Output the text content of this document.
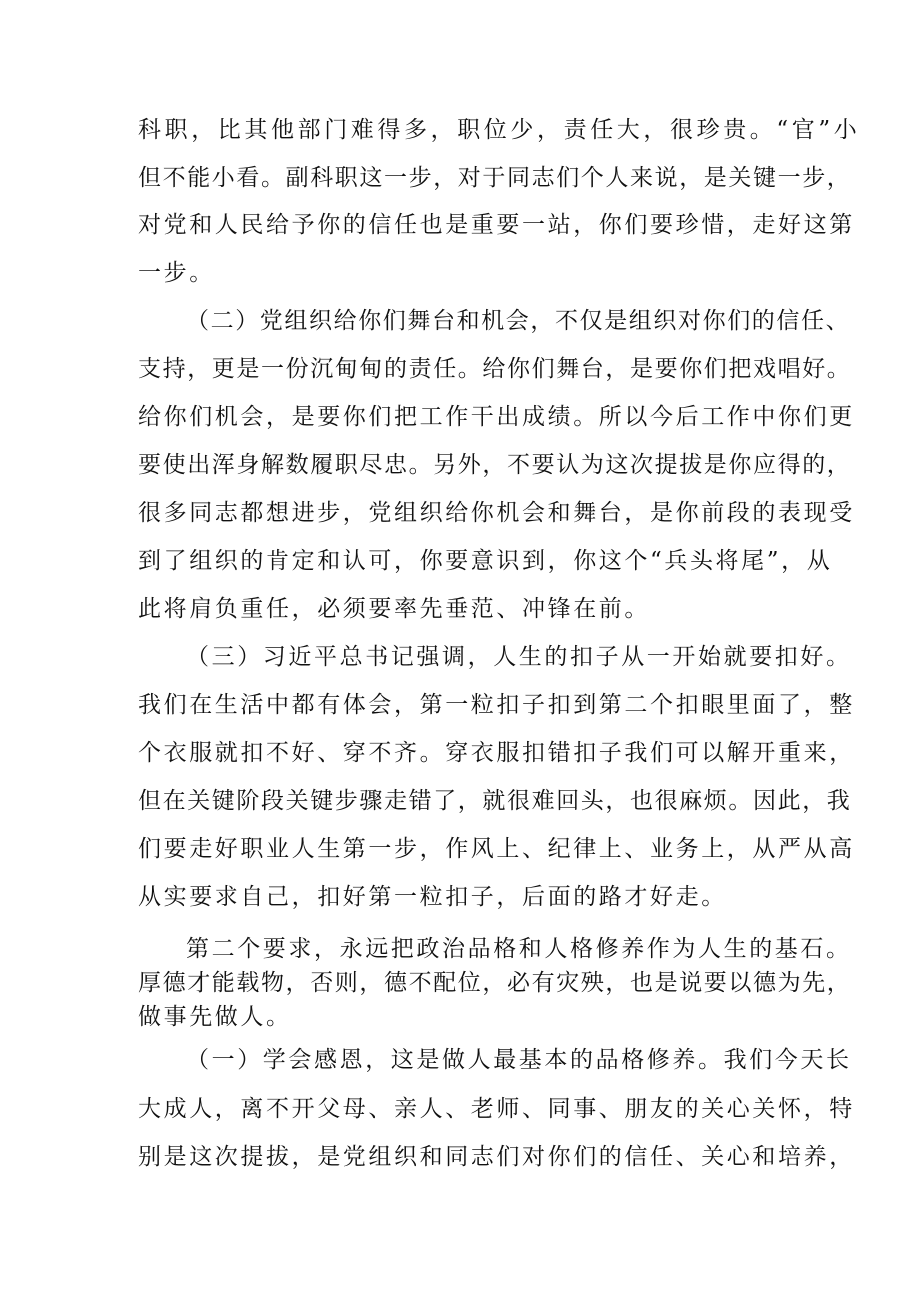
科职，比其他部门难得多，职位少，责任大，很珍贵。“官”小
但不能小看。副科职这一步，对于同志们个人来说，是关键一步，
对党和人民给予你的信任也是重要一站，你们要珍惜，走好这第
一步。
（二）党组织给你们舞台和机会，不仅是组织对你们的信任、
支持，更是一份沉甸甸的责任。给你们舞台，是要你们把戏唱好。
给你们机会，是要你们把工作干出成绩。所以今后工作中你们更
要使出浑身解数履职尽忠。另外，不要认为这次提拔是你应得的，
很多同志都想进步，党组织给你机会和舞台，是你前段的表现受
到了组织的肯定和认可，你要意识到，你这个“兵头将尾”，从
此将肩负重任，必须要率先垂范、冲锋在前。
（三）习近平总书记强调，人生的扣子从一开始就要扣好。
我们在生活中都有体会，第一粒扣子扣到第二个扣眼里面了，整
个衣服就扣不好、穿不齐。穿衣服扣错扣子我们可以解开重来，
但在关键阶段关键步骤走错了，就很难回头，也很麻烦。因此，我
们要走好职业人生第一步，作风上、纪律上、业务上，从严从高
从实要求自己，扣好第一粒扣子，后面的路才好走。
第二个要求，永远把政治品格和人格修养作为人生的基石。
厚德才能载物，否则，德不配位，必有灾殃，也是说要以德为先，
做事先做人。
（一）学会感恩，这是做人最基本的品格修养。我们今天长
大成人，离不开父母、亲人、老师、同事、朋友的关心关怀，特
别是这次提拔，是党组织和同志们对你们的信任、关心和培养，
